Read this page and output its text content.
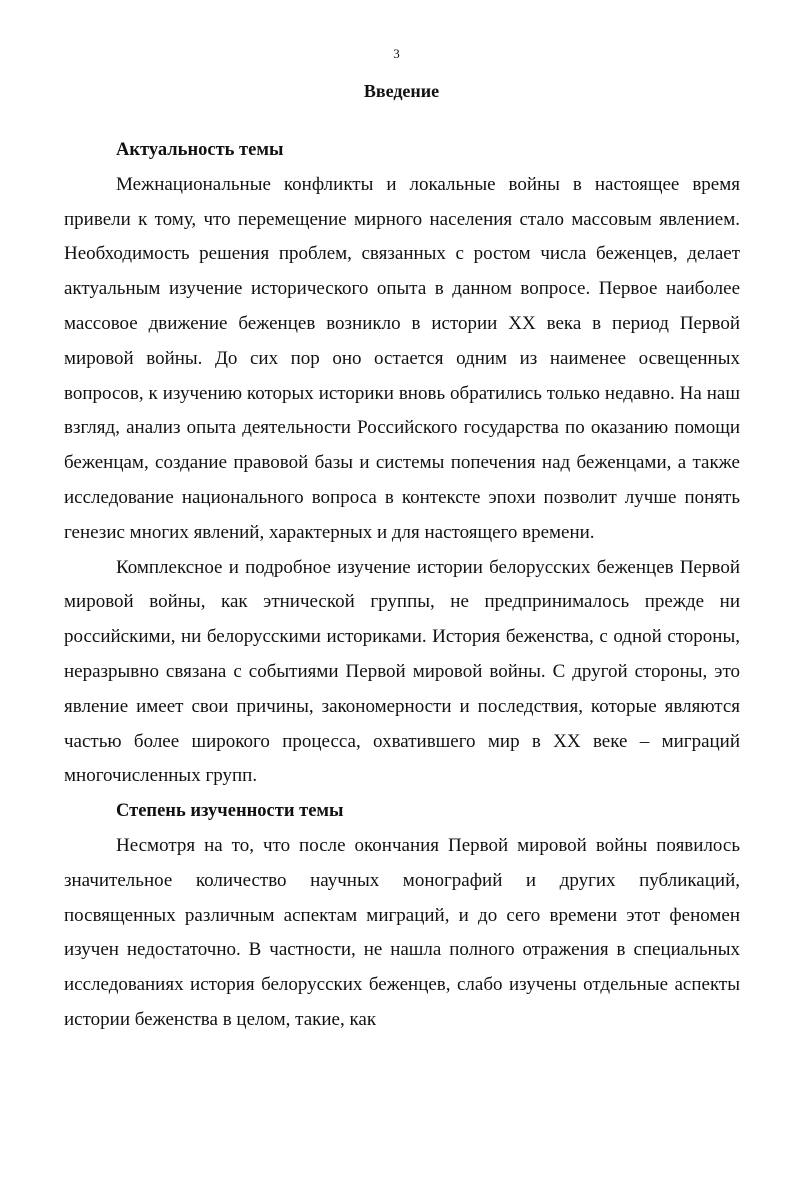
3
Введение

Актуальность темы

Межнациональные конфликты и локальные войны в настоящее время привели к тому, что перемещение мирного населения стало массовым явлением. Необходимость решения проблем, связанных с ростом числа беженцев, делает актуальным изучение исторического опыта в данном вопросе. Первое наиболее массовое движение беженцев возникло в истории XX века в период Первой мировой войны. До сих пор оно остается одним из наименее освещенных вопросов, к изучению которых историки вновь обратились только недавно. На наш взгляд, анализ опыта деятельности Российского государства по оказанию помощи беженцам, создание правовой базы и системы попечения над беженцами, а также исследование национального вопроса в контексте эпохи позволит лучше понять генезис многих явлений, характерных и для настоящего времени.

Комплексное и подробное изучение истории белорусских беженцев Первой мировой войны, как этнической группы, не предпринималось прежде ни российскими, ни белорусскими историками. История беженства, с одной стороны, неразрывно связана с событиями Первой мировой войны. С другой стороны, это явление имеет свои причины, закономерности и последствия, которые являются частью более широкого процесса, охватившего мир в XX веке – миграций многочисленных групп.

Степень изученности темы

Несмотря на то, что после окончания Первой мировой войны появилось значительное количество научных монографий и других публикаций, посвященных различным аспектам миграций, и до сего времени этот феномен изучен недостаточно. В частности, не нашла полного отражения в специальных исследованиях история белорусских беженцев, слабо изучены отдельные аспекты истории беженства в целом, такие, как
